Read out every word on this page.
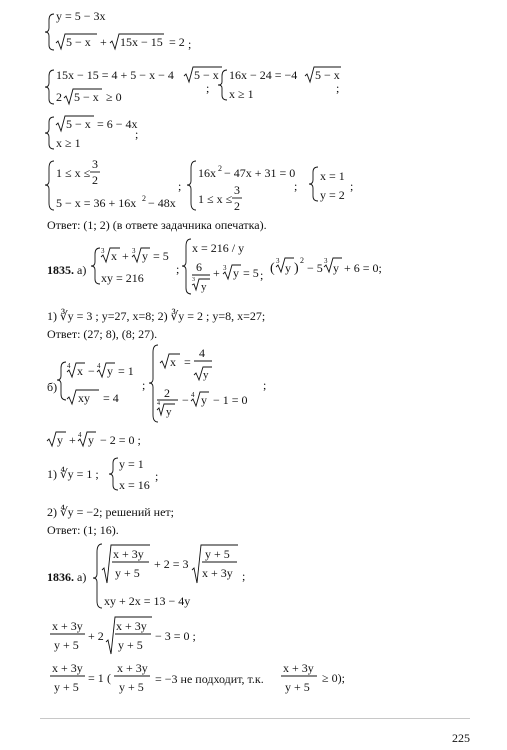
y = 5 − 3x
5 − x + 15x − 15 = 2 ;
15x − 15 = 4 + 5 − x − 4 5 − x
2 5 − x ≥ 0
;
16x − 24 = −4 5 − x
x ≥ 1	;
5 − x = 6 − 4x
;
x ≥ 1
1 ≤ x ≤
3
2
5 − x = 36 + 16x 2 − 48x
;
16x 2 − 47x + 31 = 0
1 ≤ x ≤
3
2
;
x = 1
y = 2
;
3 x + 3 y = 5
xy = 216
;
x = 216 / y
6
3
y
+ 3 y = 5 ; ( 3 y )
2
− 5 3 y + 6 = 0;
4 x − 4 y = 1
xy = 4
;
x =
4
y
2
4
y
− 4 y − 1 = 0
;
y + 4 y − 2 = 0 ;
y = 1
x = 16
;
x + 3y
y + 5
+ 2 = 3
y + 5
x + 3y ;
xy + 2x = 13 − 4y
x + 3y
y + 5
+ 2
x + 3y
y + 5
− 3 = 0 ;
x + 3y
y + 5
= 1 (
x + 3y
y + 5
x + 3y
y + 5
≥ 0);
Ответ: (1; 2) (в ответе задачника опечатка).
1835. а)
1) ∛y = 3 ; y=27, x=8; 2) ∛y = 2 ; y=8, x=27;
Ответ: (27; 8), (8; 27).
б)
1) ∜y = 1 ;
2) ∜y = −2; решений нет;
Ответ: (1; 16).
1836. а)
= −3 не подходит, т.к.
225
